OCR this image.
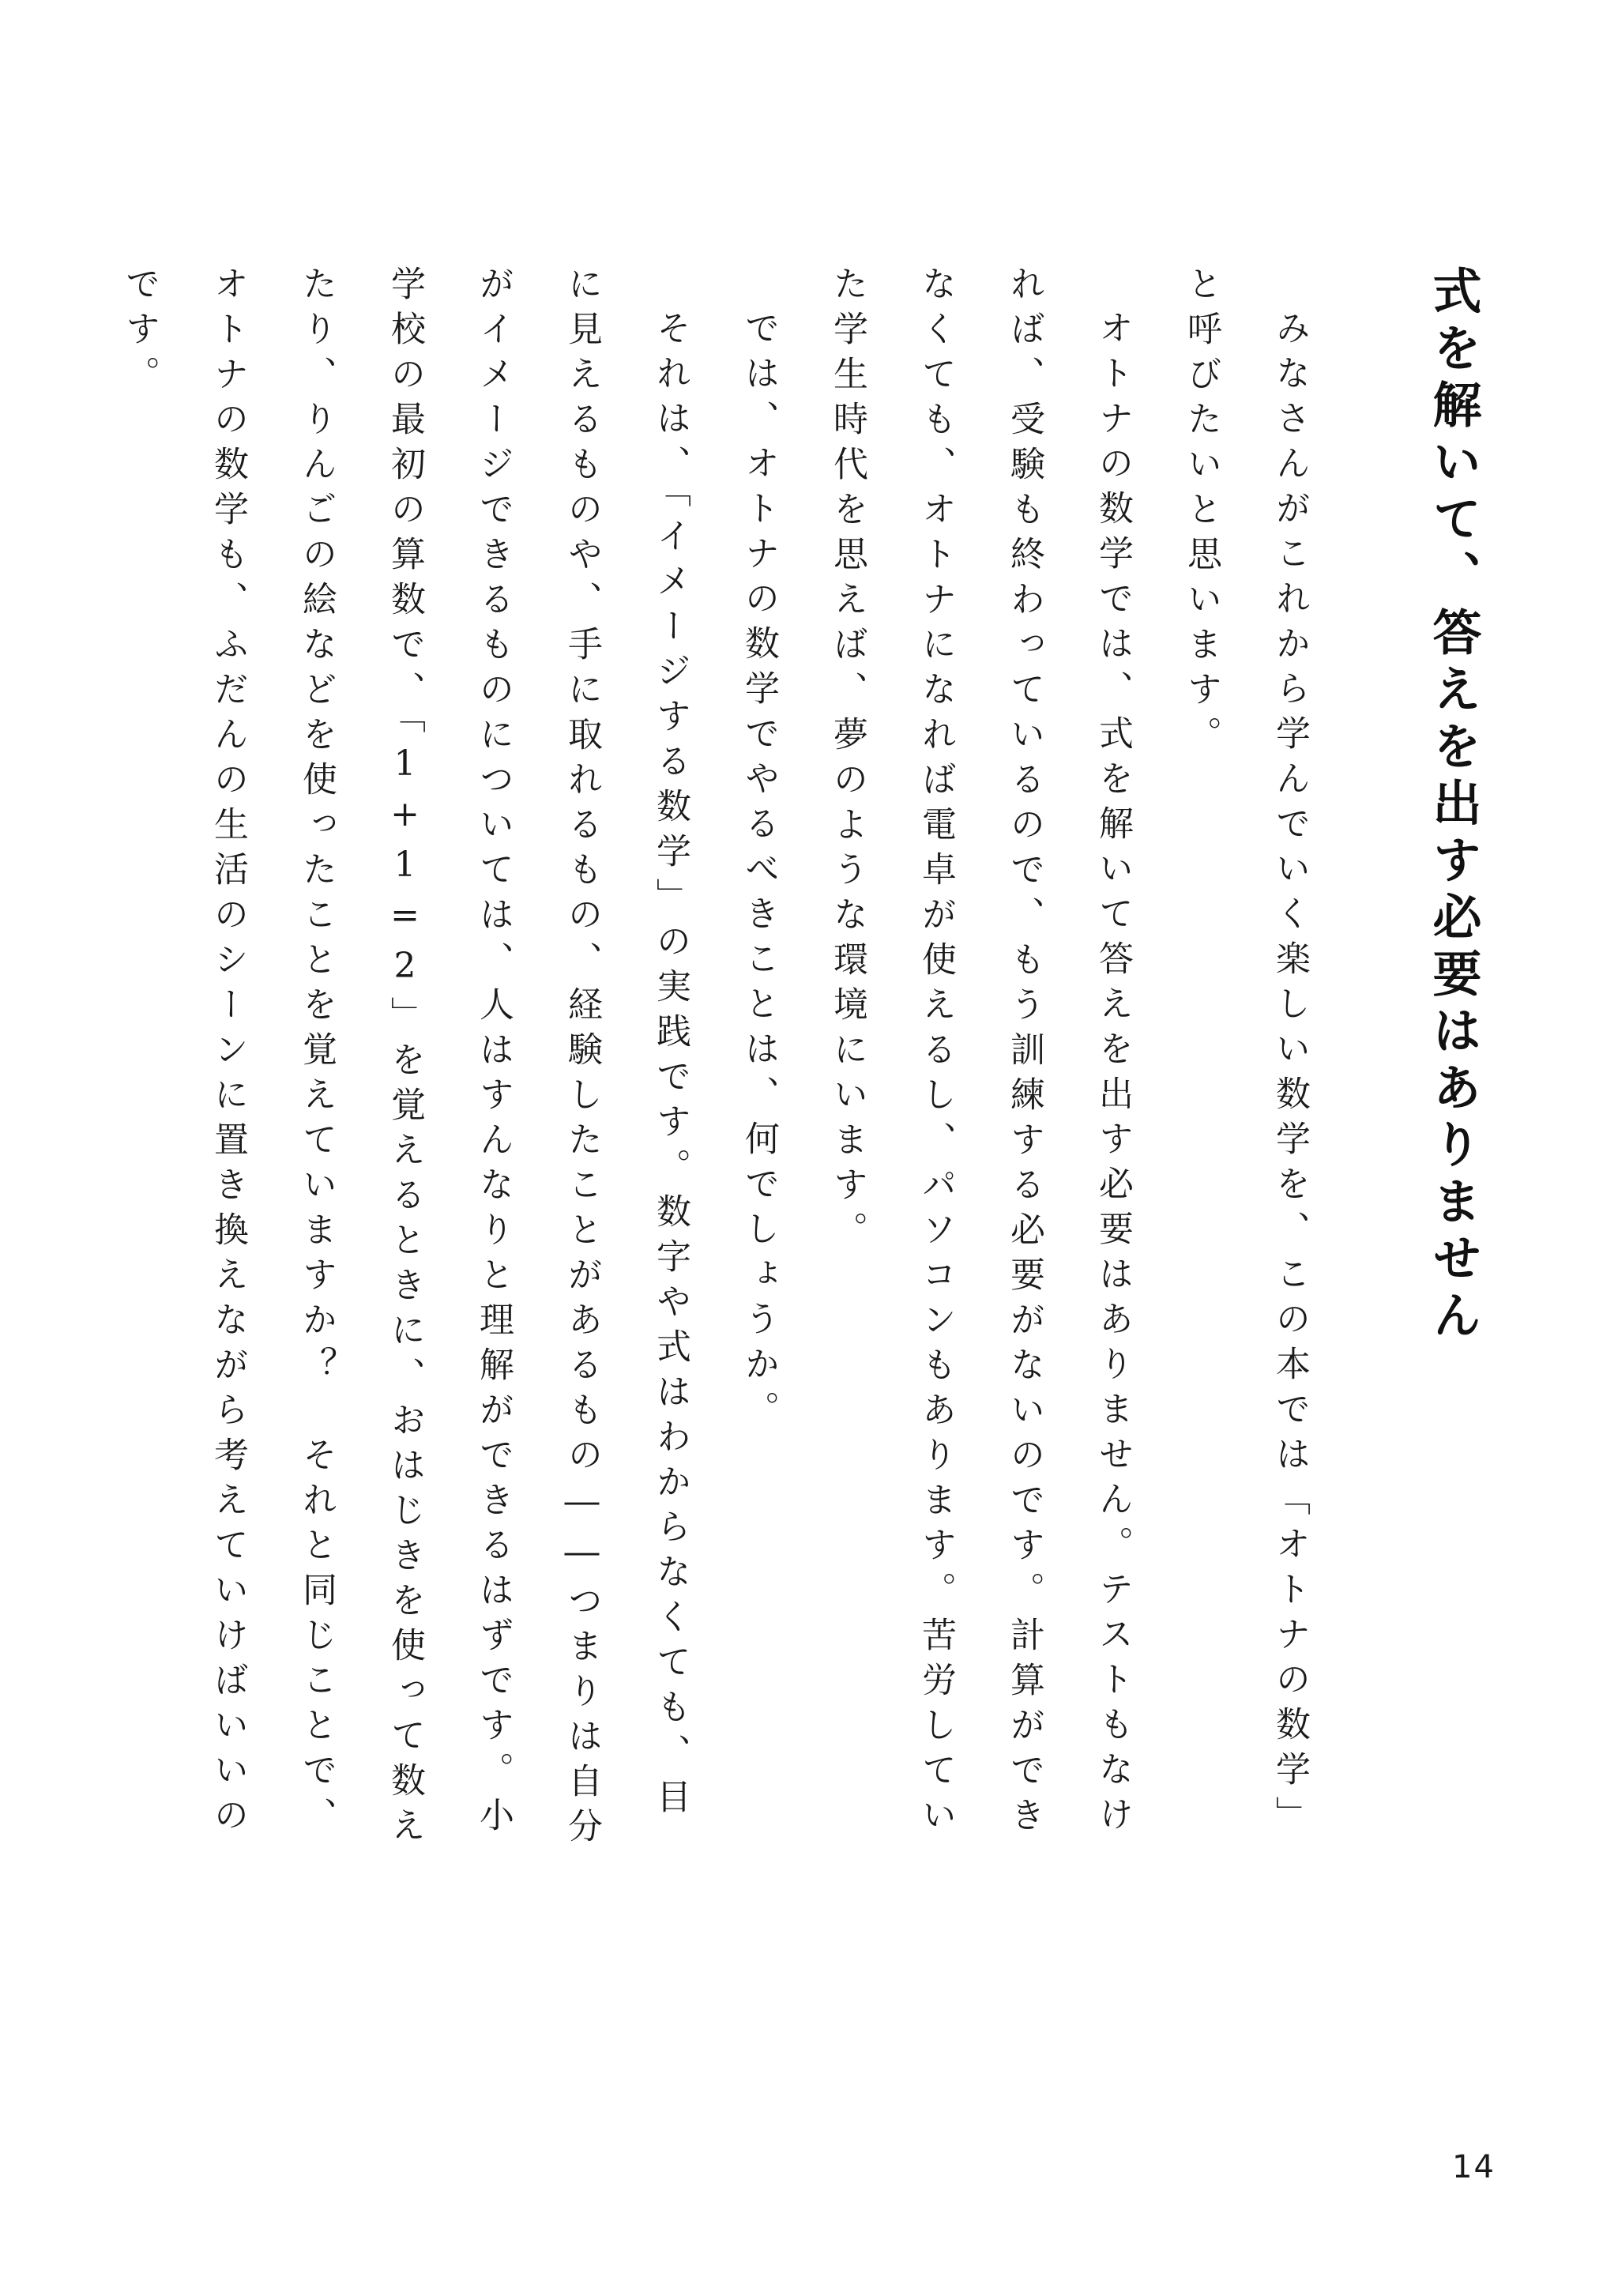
式を解いて、答えを出す必要はありません

みなさんがこれから学んでいく楽しい数学を、この本では「オトナの数学」と呼びたいと思います。

オトナの数学では、式を解いて答えを出す必要はありません。テストもなければ、受験も終わっているので、もう訓練する必要がないのです。計算ができなくても、オトナになれば電卓が使えるし、パソコンもあります。苦労していた学生時代を思えば、夢のような環境にいます。

では、オトナの数学でやるべきことは、何でしょうか。

それは、「イメージする数学」の実践です。数字や式はわからなくても、目に見えるものや、手に取れるもの、経験したことがあるもの――つまりは自分がイメージできるものについては、人はすんなりと理解ができるはずです。小学校の最初の算数で、「1+1=2」を覚えるときに、おはじきを使って数えたり、りんごの絵などを使ったことを覚えていますか？　それと同じことで、オトナの数学も、ふだんの生活のシーンに置き換えながら考えていけばいいのです。

14
